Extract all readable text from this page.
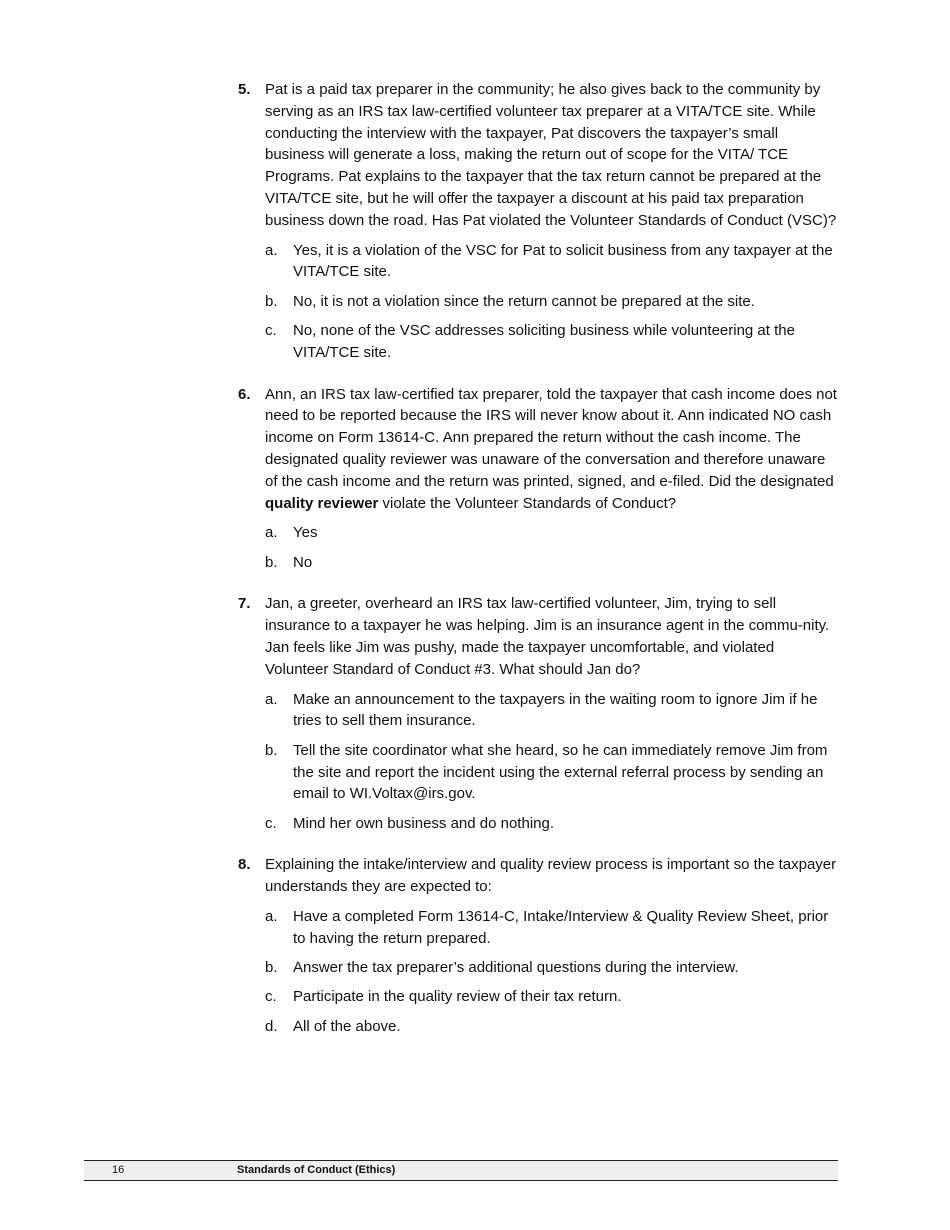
5. Pat is a paid tax preparer in the community; he also gives back to the community by serving as an IRS tax law-certified volunteer tax preparer at a VITA/TCE site. While conducting the interview with the taxpayer, Pat discovers the taxpayer’s small business will generate a loss, making the return out of scope for the VITA/ TCE Programs. Pat explains to the taxpayer that the tax return cannot be prepared at the VITA/TCE site, but he will offer the taxpayer a discount at his paid tax preparation business down the road. Has Pat violated the Volunteer Standards of Conduct (VSC)?
a.	Yes, it is a violation of the VSC for Pat to solicit business from any taxpayer at the VITA/TCE site.
b.	No, it is not a violation since the return cannot be prepared at the site.
c.	No, none of the VSC addresses soliciting business while volunteering at the VITA/TCE site.
6. Ann, an IRS tax law-certified tax preparer, told the taxpayer that cash income does not need to be reported because the IRS will never know about it. Ann indicated NO cash income on Form 13614-C. Ann prepared the return without the cash income. The designated quality reviewer was unaware of the conversation and therefore unaware of the cash income and the return was printed, signed, and e-filed. Did the designated quality reviewer violate the Volunteer Standards of Conduct?
a.	Yes
b.	No
7. Jan, a greeter, overheard an IRS tax law-certified volunteer, Jim, trying to sell insurance to a taxpayer he was helping. Jim is an insurance agent in the commu-nity. Jan feels like Jim was pushy, made the taxpayer uncomfortable, and violated Volunteer Standard of Conduct #3. What should Jan do?
a.	Make an announcement to the taxpayers in the waiting room to ignore Jim if he tries to sell them insurance.
b.	Tell the site coordinator what she heard, so he can immediately remove Jim from the site and report the incident using the external referral process by sending an email to WI.Voltax@irs.gov.
c.	Mind her own business and do nothing.
8. Explaining the intake/interview and quality review process is important so the taxpayer understands they are expected to:
a.	Have a completed Form 13614-C, Intake/Interview & Quality Review Sheet, prior to having the return prepared.
b.	Answer the tax preparer’s additional questions during the interview.
c.	Participate in the quality review of their tax return.
d.	All of the above.
16	Standards of Conduct (Ethics)
